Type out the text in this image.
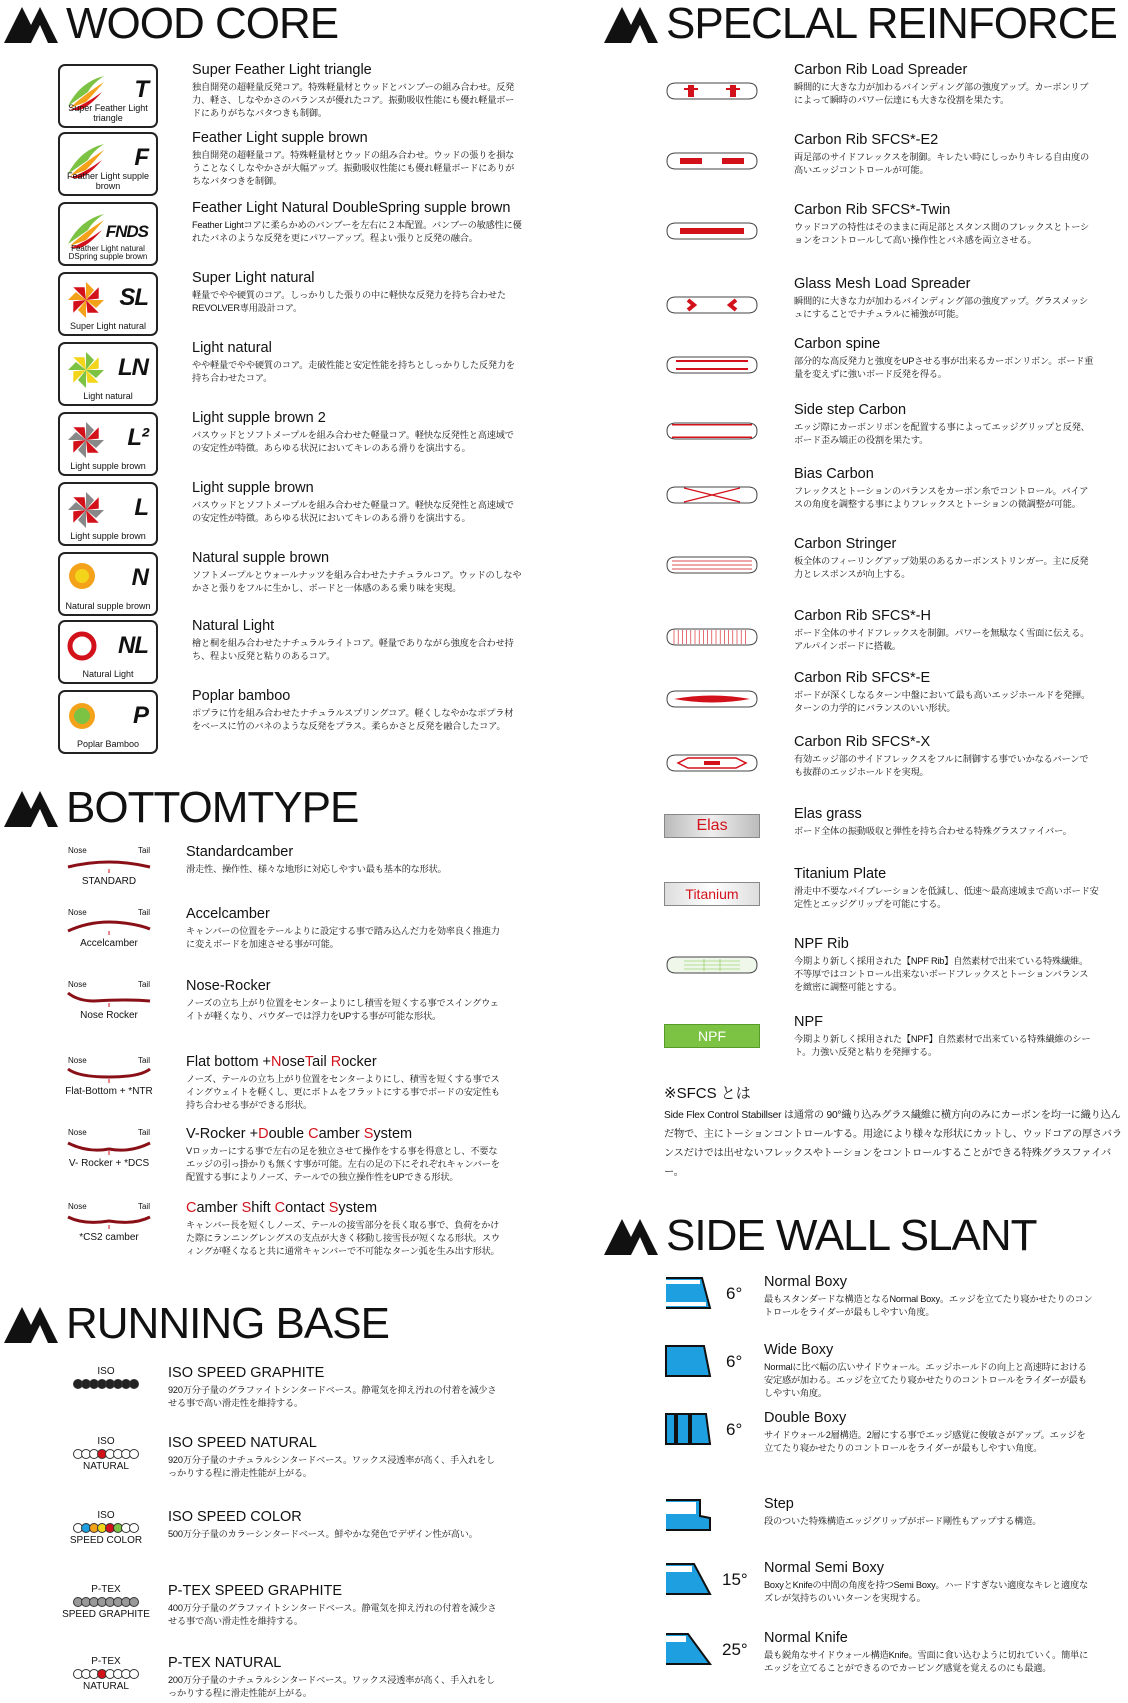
WOOD CORE
T
Super Feather Light triangle
Super Feather Light triangle

独自開発の超軽量反発コア。特殊軽量材とウッドとバンブーの組み合わせ。反発力、軽さ、しなやかさのバランスが優れたコア。振動吸収性能にも優れ軽量ボードにありがちなバタつきも制御。

F
Feather Light supple brown
Feather Light supple brown

独自開発の超軽量コア。特殊軽量材とウッドの組み合わせ。ウッドの張りを損なうことなくしなやかさが大幅アップ。振動吸収性能にも優れ軽量ボードにありがちなバタつきを制御。

FNDS
Feather Light natural DSpring supple brown
Feather Light Natural DoubleSpring supple brown

Feather Lightコアに柔らかめのバンブーを左右に２本配置。バンブーの敏感性に優れたバネのような反発を更にパワーアップ。程よい張りと反発の融合。

SL
Super Light natural
Super Light natural

軽量でやや硬質のコア。しっかりした張りの中に軽快な反発力を持ち合わせたREVOLVER専用設計コア。

LN
Light natural
Light natural

やや軽量でやや硬質のコア。走破性能と安定性能を持ちとしっかりした反発力を持ち合わせたコア。

L²
Light supple brown
Light supple brown 2

バスウッドとソフトメープルを組み合わせた軽量コア。軽快な反発性と高速域での安定性が特徴。あらゆる状況においてキレのある滑りを演出する。

L
Light supple brown
Light supple brown

バスウッドとソフトメープルを組み合わせた軽量コア。軽快な反発性と高速域での安定性が特徴。あらゆる状況においてキレのある滑りを演出する。

N
Natural supple brown
Natural supple brown

ソフトメープルとウォールナッツを組み合わせたナチュラルコア。ウッドのしなやかさと張りをフルに生かし、ボードと一体感のある乗り味を実現。

NL
Natural Light
Natural Light

檜と桐を組み合わせたナチュラルライトコア。軽量でありながら強度を合わせ持ち、程よい反発と粘りのあるコア。

P
Poplar Bamboo
Poplar bamboo

ポプラに竹を組み合わせたナチュラルスプリングコア。軽くしなやかなポプラ材をベースに竹のバネのような反発をプラス。柔らかさと反発を融合したコア。

BOTTOMTYPE
Nose	Tail
STANDARD
Standardcamber

滑走性、操作性、様々な地形に対応しやすい最も基本的な形状。

Nose	Tail
Accelcamber
Accelcamber

キャンバーの位置をテールよりに設定する事で踏み込んだ力を効率良く推進力に変えボードを加速させる事が可能。

Nose	Tail
Nose Rocker
Nose-Rocker

ノーズの立ち上がり位置をセンターよりにし積雪を短くする事でスイングウェイトが軽くなり、パウダーでは浮力をUPする事が可能な形状。

Nose	Tail
Flat-Bottom + *NTR
Flat bottom +NoseTail Rocker

ノーズ、テールの立ち上がり位置をセンターよりにし、積雪を短くする事でスイングウェイトを軽くし、更にボトムをフラットにする事でボードの安定性も持ち合わせる事ができる形状。

Nose	Tail
V- Rocker + *DCS
V-Rocker +Double Camber System

Vロッカーにする事で左右の足を独立させて操作をする事を得意とし、不要なエッジの引っ掛かりも無くす事が可能。左右の足の下にそれぞれキャンバーを配置する事によりノーズ、テールでの独立操作性をUPできる形状。

Nose	Tail
*CS2 camber
Camber Shift Contact System

キャンバー長を短くしノーズ、テールの接雪部分を長く取る事で、負荷をかけた際にランニングレングスの支点が大きく移動し接雪長が短くなる形状。スウィングが軽くなると共に通常キャンバーで不可能なターン弧を生み出す形状。

RUNNING BASE
ISO	ISO SPEED GRAPHITE

920万分子量のグラファイトシンタードベース。静電気を抑え汚れの付着を減少させる事で高い滑走性を維持する。

ISO
NATURAL
ISO SPEED NATURAL

920万分子量のナチュラルシンタードベース。ワックス浸透率が高く、手入れをしっかりする程に滑走性能が上がる。

ISO
SPEED COLOR
ISO SPEED COLOR

500万分子量のカラーシンタードベース。鮮やかな発色でデザイン性が高い。

P-TEX
SPEED GRAPHITE
P-TEX SPEED GRAPHITE

400万分子量のグラファイトシンタードベース。静電気を抑え汚れの付着を減少させる事で高い滑走性を維持する。

P-TEX
NATURAL
P-TEX NATURAL

200万分子量のナチュラルシンタードベース。ワックス浸透率が高く、手入れをしっかりする程に滑走性能が上がる。

SPECLAL REINFORCE
Carbon Rib Load Spreader

瞬間的に大きな力が加わるバインディング部の強度アップ。カーボンリブによって瞬時のパワー伝達にも大きな役割を果たす。

Carbon Rib SFCS*-E2

両足部のサイドフレックスを制御。キレたい時にしっかりキレる自由度の高いエッジコントロールが可能。

Carbon Rib SFCS*-Twin

ウッドコアの特性はそのままに両足部とスタンス間のフレックスとトーションをコントロールして高い操作性とバネ感を両立させる。

Glass Mesh Load Spreader

瞬間的に大きな力が加わるバインディング部の強度アップ。グラスメッシュにすることでナチュラルに補強が可能。

Carbon spine

部分的な高反発力と強度をUPさせる事が出来るカーボンリボン。ボード重量を変えずに強いボード反発を得る。

Side step Carbon

エッジ際にカーボンリボンを配置する事によってエッジグリップと反発、ボード歪み矯正の役割を果たす。

Bias Carbon

フレックスとトーションのバランスをカーボン糸でコントロール。バイアスの角度を調整する事によりフレックスとトーションの微調整が可能。

Carbon Stringer

板全体のフィーリングアップ効果のあるカーボンストリンガー。主に反発力とレスポンスが向上する。

Carbon Rib SFCS*-H

ボード全体のサイドフレックスを制御。パワーを無駄なく雪面に伝える。アルパインボードに搭載。

Carbon Rib SFCS*-E

ボードが深くしなるターン中盤において最も高いエッジホールドを発揮。ターンの力学的にバランスのいい形状。

Carbon Rib SFCS*-X

有効エッジ部のサイドフレックスをフルに制御する事でいかなるバーンでも抜群のエッジホールドを実現。

Elas
Elas grass

ボード全体の振動吸収と弾性を持ち合わせる特殊グラスファイバー。

Titanium
Titanium Plate

滑走中不要なバイブレーションを低減し、低速〜最高速域まで高いボード安定性とエッジグリップを可能にする。

NPF Rib

今期より新しく採用された【NPF Rib】自然素材で出来ている特殊繊維。不等厚ではコントロール出来ないボードフレックスとトーションバランスを緻密に調整可能とする。

NPF
NPF

今期より新しく採用された【NPF】自然素材で出来ている特殊繊維のシート。力強い反発と粘りを発揮する。

※SFCS とは

Side Flex Control Stabillser は通常の 90°織り込みグラス繊維に横方向のみにカーボンを均一に織り込んだ物で、主にトーションコントロールする。用途により様々な形状にカットし、ウッドコアの厚さバランスだけでは出せないフレックスやトーションをコントロールすることができる特殊グラスファイバー。

SIDE WALL SLANT
6°
Normal Boxy

最もスタンダードな構造となるNormal Boxy。エッジを立てたり寝かせたりのコントロールをライダーが最もしやすい角度。

6°
Wide Boxy

Normalに比べ幅の広いサイドウォール。エッジホールドの向上と高速時における安定感が加わる。エッジを立てたり寝かせたりのコントロールをライダーが最もしやすい角度。

6°
Double Boxy

サイドウォール2層構造。2層にする事でエッジ感覚に俊敏さがアップ。エッジを立てたり寝かせたりのコントロールをライダーが最もしやすい角度。

Step

段のついた特殊構造エッジグリップがボード剛性もアップする構造。

15°
Normal Semi Boxy

BoxyとKnifeの中間の角度を持つSemi Boxy。ハードすぎない適度なキレと適度なズレが気持ちのいいターンを実現する。

25°
Normal Knife

最も鋭角なサイドウォール構造Knife。雪面に食い込むように切れていく。簡単にエッジを立てることができるのでカービング感覚を覚えるのにも最適。
